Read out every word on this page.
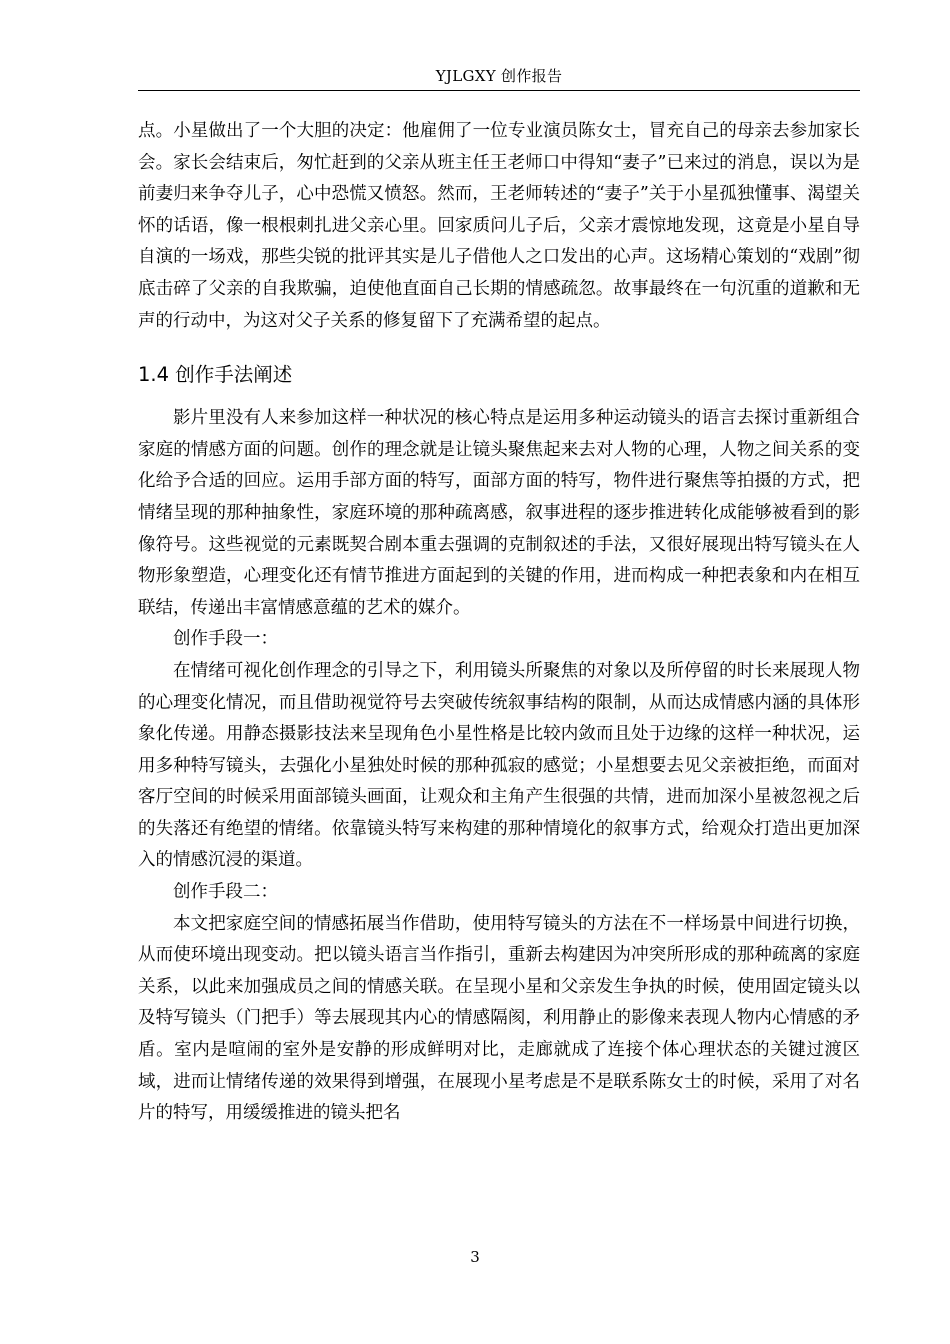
YJLGXY 创作报告

点。小星做出了一个大胆的决定：他雇佣了一位专业演员陈女士，冒充自己的母亲去参加家长会。家长会结束后，匆忙赶到的父亲从班主任王老师口中得知“妻子”已来过的消息，误以为是前妻归来争夺儿子，心中恐慌又愤怒。然而，王老师转述的“妻子”关于小星孤独懂事、渴望关怀的话语，像一根根刺扎进父亲心里。回家质问儿子后，父亲才震惊地发现，这竟是小星自导自演的一场戏，那些尖锐的批评其实是儿子借他人之口发出的心声。这场精心策划的“戏剧”彻底击碎了父亲的自我欺骗，迫使他直面自己长期的情感疏忽。故事最终在一句沉重的道歉和无声的行动中，为这对父子关系的修复留下了充满希望的起点。

1.4 创作手法阐述

影片里没有人来参加这样一种状况的核心特点是运用多种运动镜头的语言去探讨重新组合家庭的情感方面的问题。创作的理念就是让镜头聚焦起来去对人物的心理，人物之间关系的变化给予合适的回应。运用手部方面的特写，面部方面的特写，物件进行聚焦等拍摄的方式，把情绪呈现的那种抽象性，家庭环境的那种疏离感，叙事进程的逐步推进转化成能够被看到的影像符号。这些视觉的元素既契合剧本重去强调的克制叙述的手法，又很好展现出特写镜头在人物形象塑造，心理变化还有情节推进方面起到的关键的作用，进而构成一种把表象和内在相互联结，传递出丰富情感意蕴的艺术的媒介。

创作手段一：

在情绪可视化创作理念的引导之下，利用镜头所聚焦的对象以及所停留的时长来展现人物的心理变化情况，而且借助视觉符号去突破传统叙事结构的限制，从而达成情感内涵的具体形象化传递。用静态摄影技法来呈现角色小星性格是比较内敛而且处于边缘的这样一种状况，运用多种特写镜头，去强化小星独处时候的那种孤寂的感觉；小星想要去见父亲被拒绝，而面对客厅空间的时候采用面部镜头画面，让观众和主角产生很强的共情，进而加深小星被忽视之后的失落还有绝望的情绪。依靠镜头特写来构建的那种情境化的叙事方式，给观众打造出更加深入的情感沉浸的渠道。

创作手段二：

本文把家庭空间的情感拓展当作借助，使用特写镜头的方法在不一样场景中间进行切换，从而使环境出现变动。把以镜头语言当作指引，重新去构建因为冲突所形成的那种疏离的家庭关系，以此来加强成员之间的情感关联。在呈现小星和父亲发生争执的时候，使用固定镜头以及特写镜头（门把手）等去展现其内心的情感隔阂，利用静止的影像来表现人物内心情感的矛盾。室内是喧闹的室外是安静的形成鲜明对比，走廊就成了连接个体心理状态的关键过渡区域，进而让情绪传递的效果得到增强，在展现小星考虑是不是联系陈女士的时候，采用了对名片的特写，用缓缓推进的镜头把名

3
